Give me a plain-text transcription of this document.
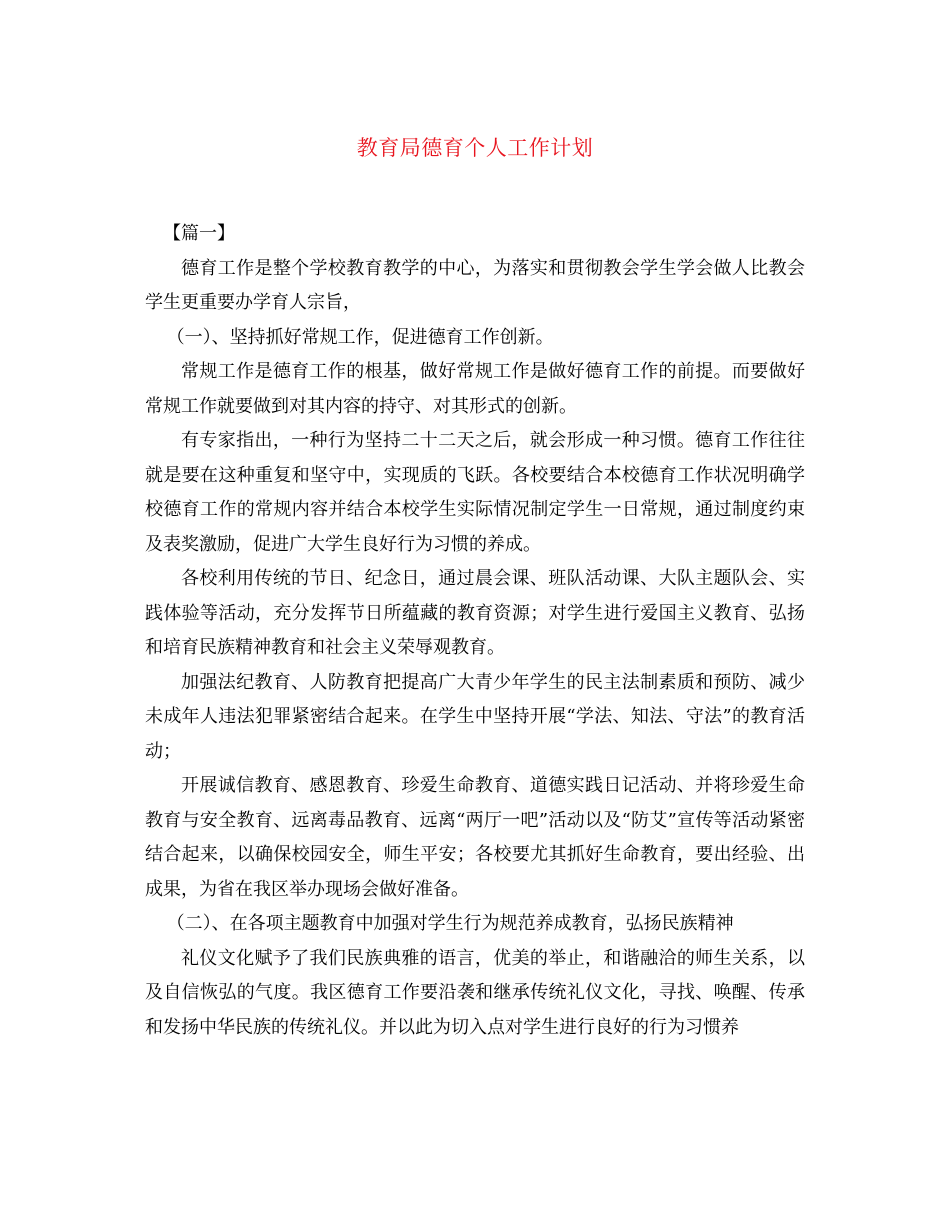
教育局德育个人工作计划

【篇一】

德育工作是整个学校教育教学的中心，为落实和贯彻教会学生学会做人比教会学生更重要办学育人宗旨，

（一）、坚持抓好常规工作，促进德育工作创新。

常规工作是德育工作的根基，做好常规工作是做好德育工作的前提。而要做好常规工作就要做到对其内容的持守、对其形式的创新。

有专家指出，一种行为坚持二十二天之后，就会形成一种习惯。德育工作往往就是要在这种重复和坚守中，实现质的飞跃。各校要结合本校德育工作状况明确学校德育工作的常规内容并结合本校学生实际情况制定学生一日常规，通过制度约束及表奖激励，促进广大学生良好行为习惯的养成。

各校利用传统的节日、纪念日，通过晨会课、班队活动课、大队主题队会、实践体验等活动，充分发挥节日所蕴藏的教育资源；对学生进行爱国主义教育、弘扬和培育民族精神教育和社会主义荣辱观教育。

加强法纪教育、人防教育把提高广大青少年学生的民主法制素质和预防、减少未成年人违法犯罪紧密结合起来。在学生中坚持开展“学法、知法、守法”的教育活动；

开展诚信教育、感恩教育、珍爱生命教育、道德实践日记活动、并将珍爱生命教育与安全教育、远离毒品教育、远离“两厅一吧”活动以及“防艾”宣传等活动紧密结合起来，以确保校园安全，师生平安；各校要尤其抓好生命教育，要出经验、出成果，为省在我区举办现场会做好准备。

（二）、在各项主题教育中加强对学生行为规范养成教育，弘扬民族精神

礼仪文化赋予了我们民族典雅的语言，优美的举止，和谐融洽的师生关系，以及自信恢弘的气度。我区德育工作要沿袭和继承传统礼仪文化，寻找、唤醒、传承和发扬中华民族的传统礼仪。并以此为切入点对学生进行良好的行为习惯养
